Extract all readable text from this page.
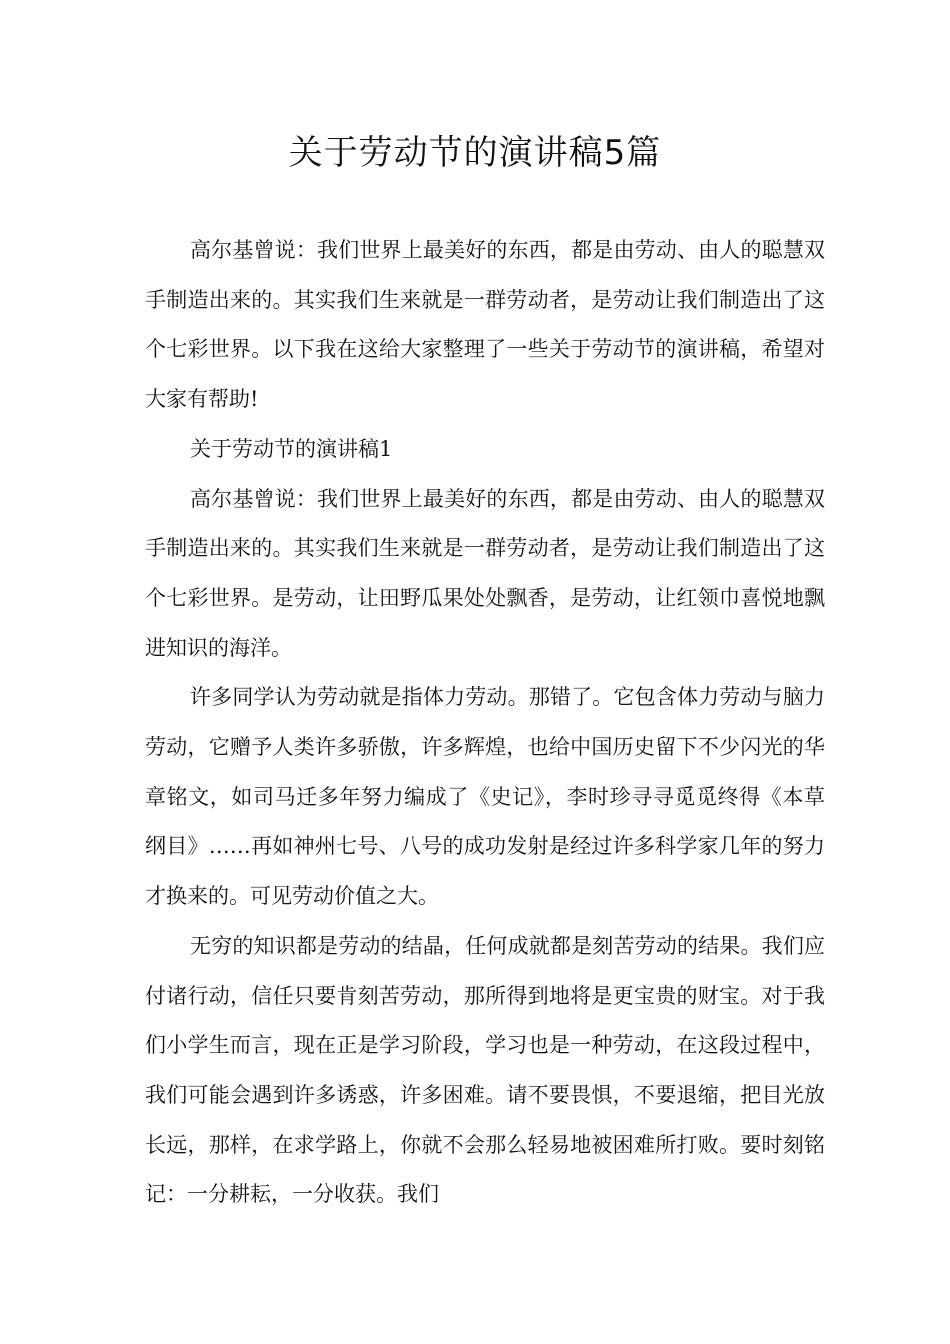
关于劳动节的演讲稿5篇

高尔基曾说：我们世界上最美好的东西，都是由劳动、由人的聪慧双手制造出来的。其实我们生来就是一群劳动者，是劳动让我们制造出了这个七彩世界。以下我在这给大家整理了一些关于劳动节的演讲稿，希望对大家有帮助!

关于劳动节的演讲稿1

高尔基曾说：我们世界上最美好的东西，都是由劳动、由人的聪慧双手制造出来的。其实我们生来就是一群劳动者，是劳动让我们制造出了这个七彩世界。是劳动，让田野瓜果处处飘香，是劳动，让红领巾喜悦地飘进知识的海洋。

许多同学认为劳动就是指体力劳动。那错了。它包含体力劳动与脑力劳动，它赠予人类许多骄傲，许多辉煌，也给中国历史留下不少闪光的华章铭文，如司马迁多年努力编成了《史记》，李时珍寻寻觅觅终得《本草纲目》……再如神州七号、八号的成功发射是经过许多科学家几年的努力才换来的。可见劳动价值之大。

无穷的知识都是劳动的结晶，任何成就都是刻苦劳动的结果。我们应付诸行动，信任只要肯刻苦劳动，那所得到地将是更宝贵的财宝。对于我们小学生而言，现在正是学习阶段，学习也是一种劳动，在这段过程中，我们可能会遇到许多诱惑，许多困难。请不要畏惧，不要退缩，把目光放长远，那样，在求学路上，你就不会那么轻易地被困难所打败。要时刻铭记：一分耕耘，一分收获。我们
